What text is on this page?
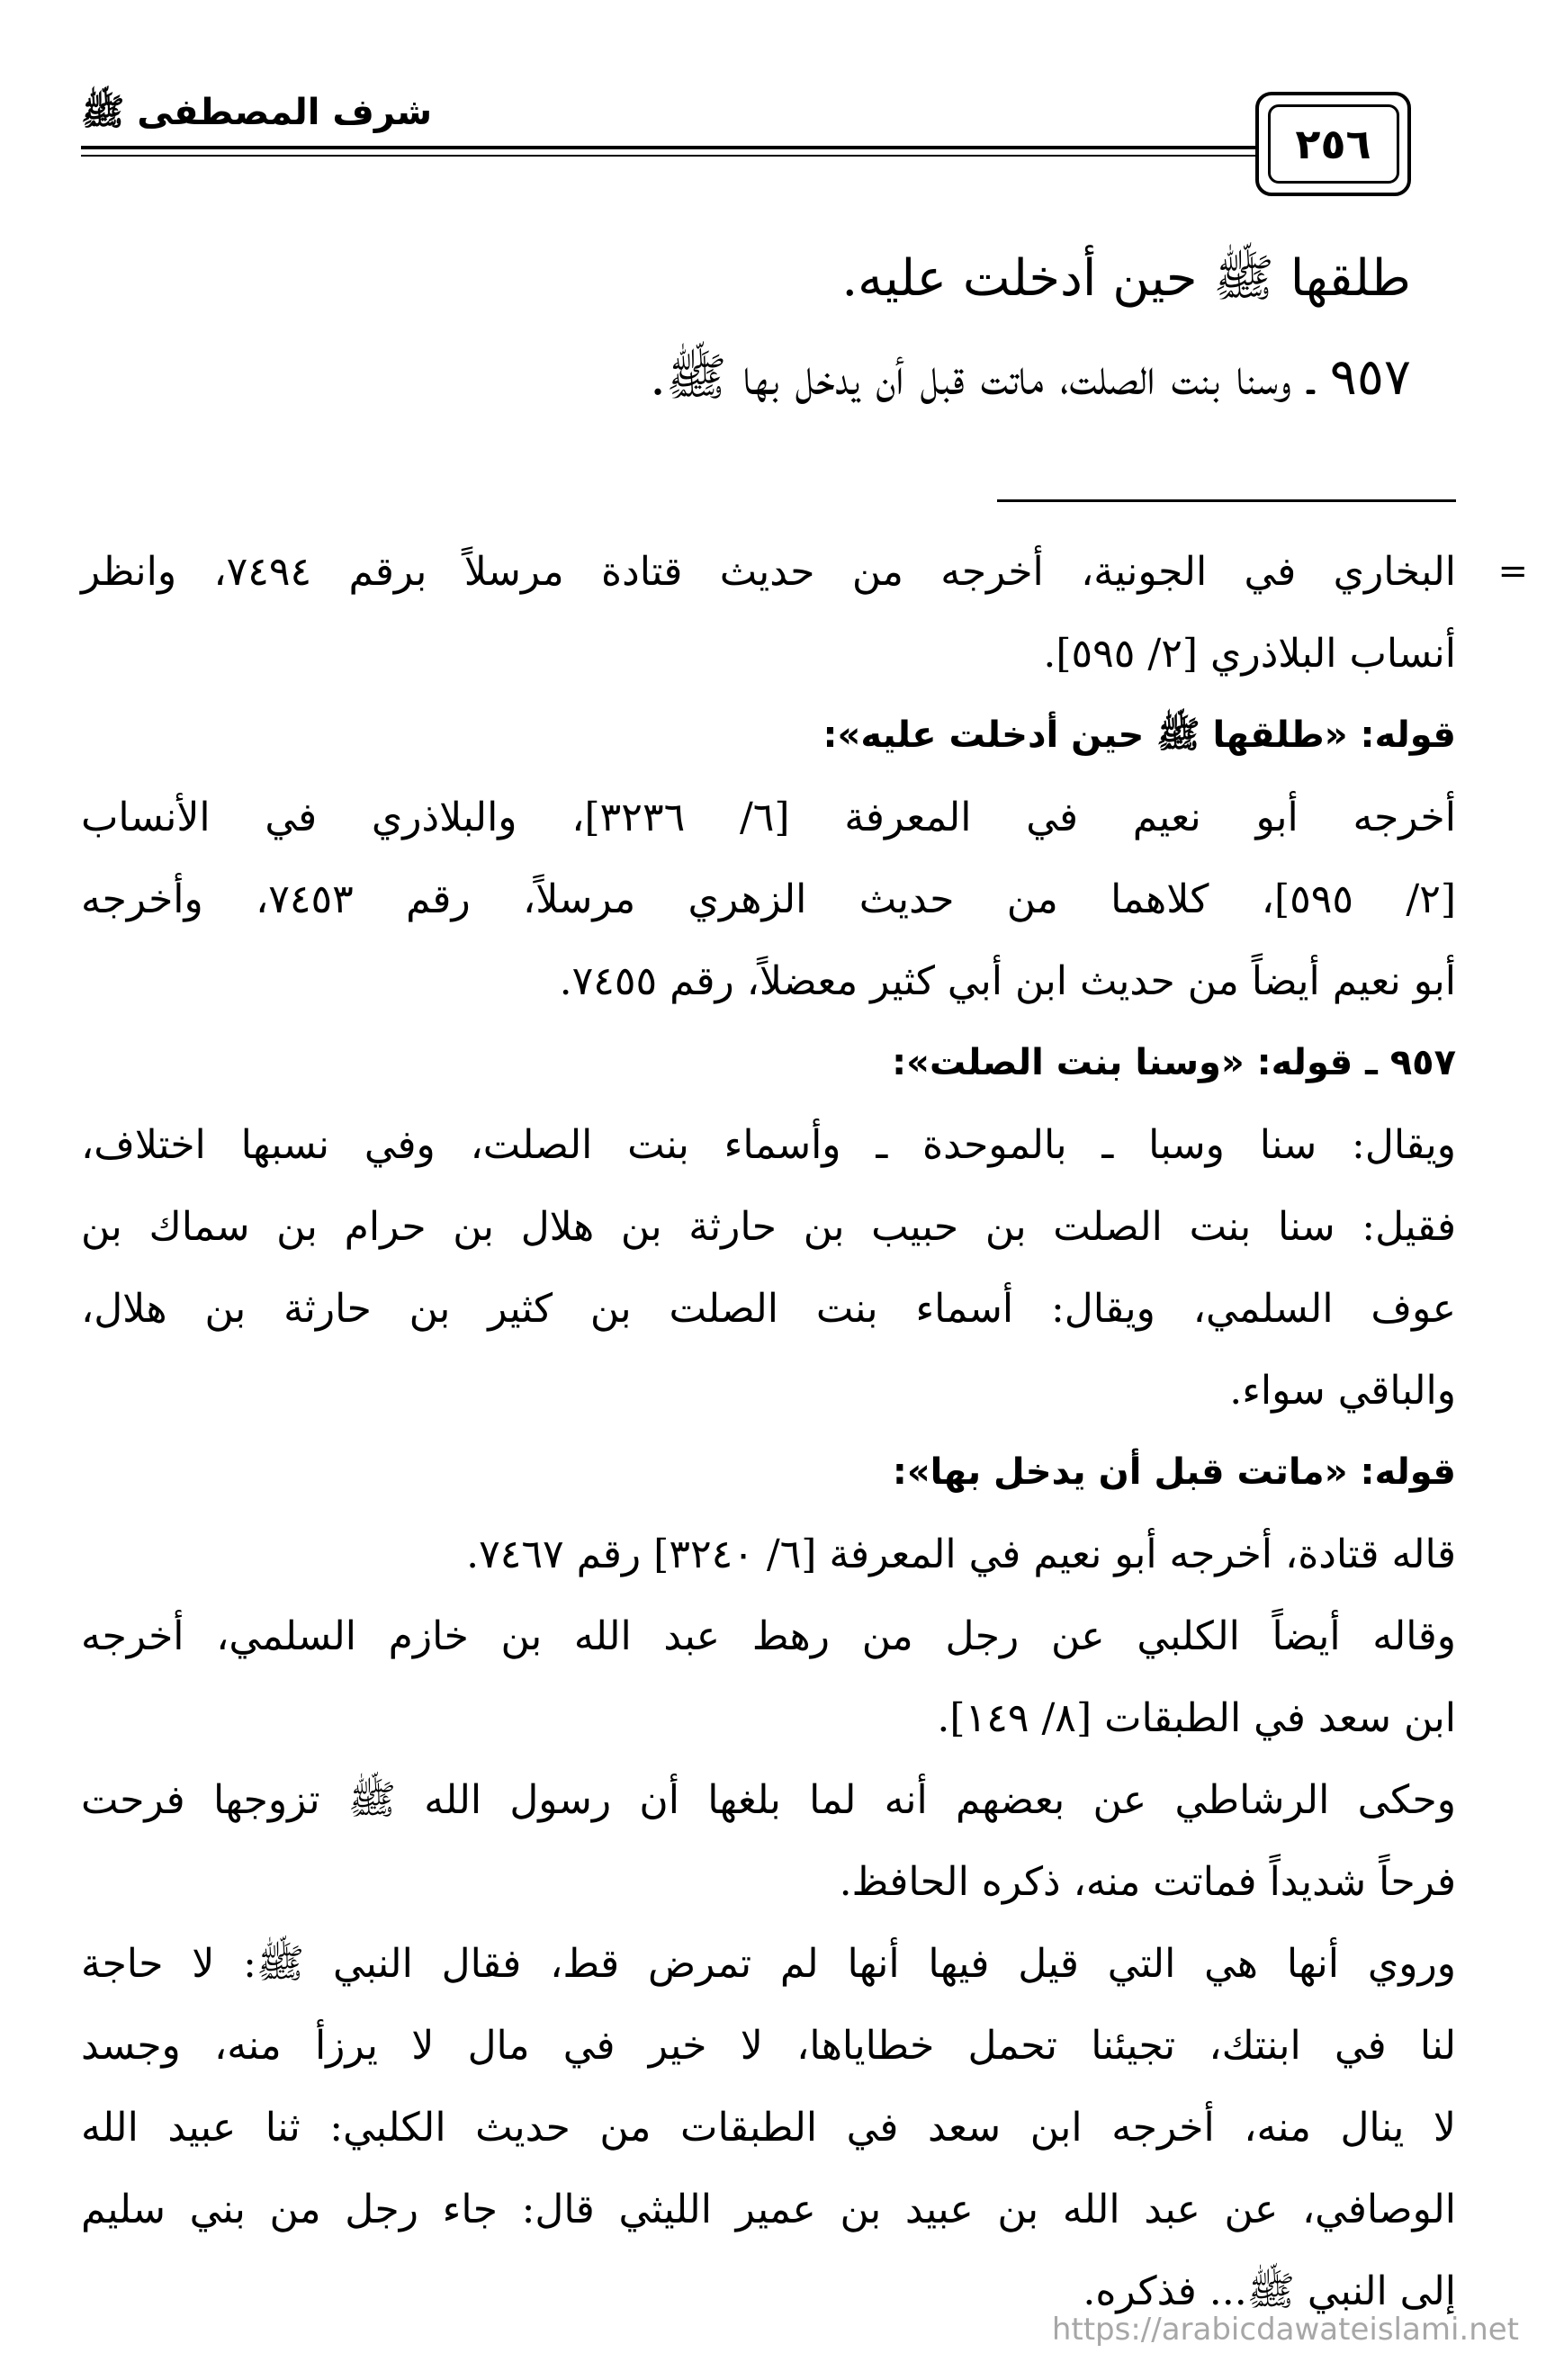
شرف المصطفى ﷺ
٢٥٦

طلقها ﷺ حين أدخلت عليه.

٩٥٧ ـ وسنا بنت الصلت، ماتت قبل أن يدخل بها ﷺ.

=

البخاري في الجونية، أخرجه من حديث قتادة مرسلاً برقم ٧٤٩٤، وانظر

أنساب البلاذري [٢/ ٥٩٥].

قوله: «طلقها ﷺ حين أدخلت عليه»:

أخرجه أبو نعيم في المعرفة [٦/ ٣٢٣٦]، والبلاذري في الأنساب

[٢/ ٥٩٥]، كلاهما من حديث الزهري مرسلاً، رقم ٧٤٥٣، وأخرجه

أبو نعيم أيضاً من حديث ابن أبي كثير معضلاً، رقم ٧٤٥٥.

٩٥٧ ـ قوله: «وسنا بنت الصلت»:

ويقال: سنا وسبا ـ بالموحدة ـ وأسماء بنت الصلت، وفي نسبها اختلاف،

فقيل: سنا بنت الصلت بن حبيب بن حارثة بن هلال بن حرام بن سماك بن

عوف السلمي، ويقال: أسماء بنت الصلت بن كثير بن حارثة بن هلال،

والباقي سواء.

قوله: «ماتت قبل أن يدخل بها»:

قاله قتادة، أخرجه أبو نعيم في المعرفة [٦/ ٣٢٤٠] رقم ٧٤٦٧.

وقاله أيضاً الكلبي عن رجل من رهط عبد الله بن خازم السلمي، أخرجه

ابن سعد في الطبقات [٨/ ١٤٩].

وحكى الرشاطي عن بعضهم أنه لما بلغها أن رسول الله ﷺ تزوجها فرحت

فرحاً شديداً فماتت منه، ذكره الحافظ.

وروي أنها هي التي قيل فيها أنها لم تمرض قط، فقال النبي ﷺ: لا حاجة

لنا في ابنتك، تجيئنا تحمل خطاياها، لا خير في مال لا يرزأ منه، وجسد

لا ينال منه، أخرجه ابن سعد في الطبقات من حديث الكلبي: ثنا عبيد الله

الوصافي، عن عبد الله بن عبيد بن عمير الليثي قال: جاء رجل من بني سليم

إلى النبي ﷺ... فذكره.

https://arabicdawateislami.net
